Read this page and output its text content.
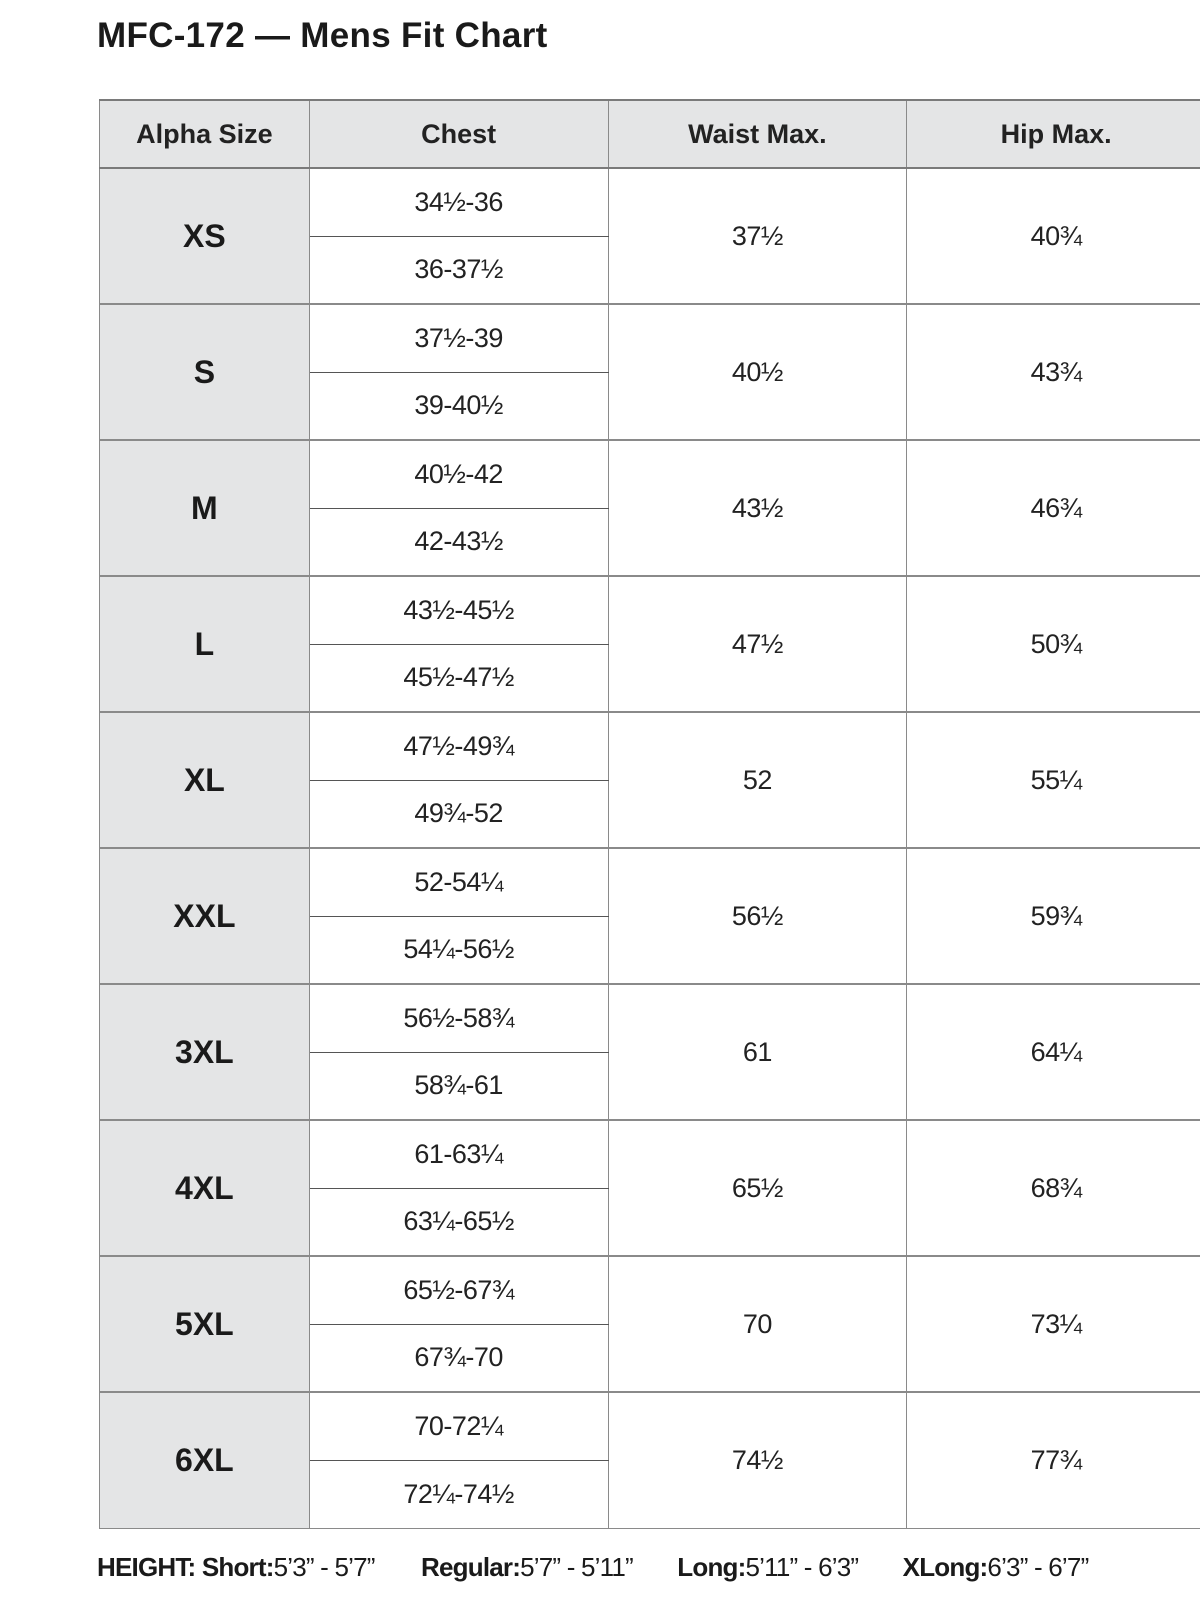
MFC-172 — Mens Fit Chart
Alpha Size	Chest	Waist Max.	Hip Max.
XS	34½-36	37½	40¾
	36-37½		
S	37½-39	40½	43¾
	39-40½		
M	40½-42	43½	46¾
	42-43½		
L	43½-45½	47½	50¾
	45½-47½		
XL	47½-49¾	52	55¼
	49¾-52		
XXL	52-54¼	56½	59¾
	54¼-56½		
3XL	56½-58¾	61	64¼
	58¾-61		
4XL	61-63¼	65½	68¾
	63¼-65½		
5XL	65½-67¾	70	73¼
	67¾-70		
6XL	70-72¼	74½	77¾
	72¼-74½		
HEIGHT: Short:5’3” - 5’7” Regular:5’7” - 5’11” Long:5’11” - 6’3” XLong:6’3” - 6’7”
